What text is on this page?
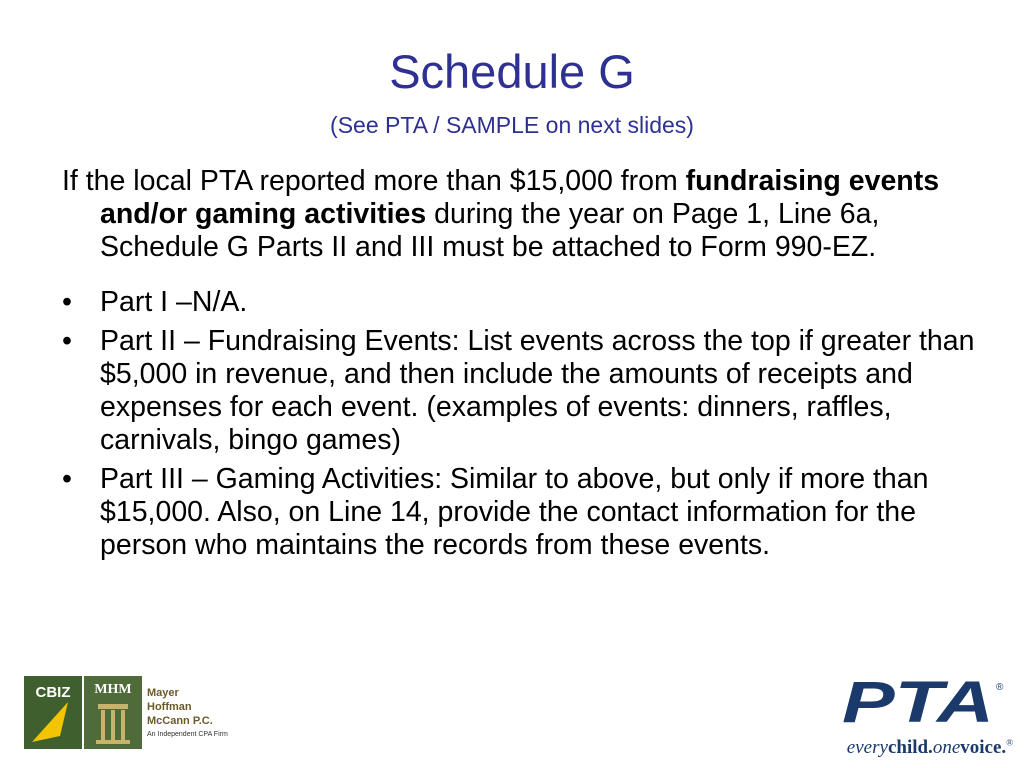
Schedule G
(See PTA / SAMPLE on next slides)

If the local PTA reported more than $15,000 from fundraising events and/or gaming activities during the year on Page 1, Line 6a, Schedule G Parts II and III must be attached to Form 990-EZ.

• Part I –N/A.
• Part II – Fundraising Events: List events across the top if greater than $5,000 in revenue, and then include the amounts of receipts and expenses for each event. (examples of events: dinners, raffles, carnivals, bingo games)
• Part III – Gaming Activities: Similar to above, but only if more than $15,000. Also, on Line 14, provide the contact information for the person who maintains the records from these events.
CBIZ	MHM	Mayer
Hoffman
McCann P.C.
An Independent CPA Firm	PTA ®
everychild.onevoice.®
